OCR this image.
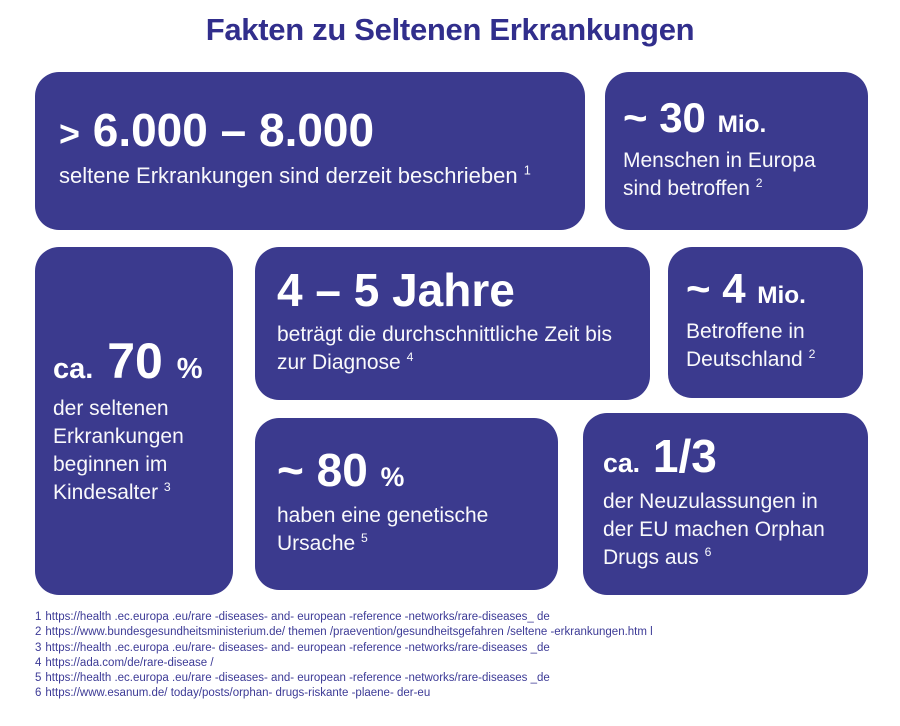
Fakten zu Seltenen Erkrankungen
> 6.000 – 8.000

seltene Erkrankungen sind derzeit beschrieben $^1$

~ 30 Mio.

Menschen in Europa sind betroffen $^2$

ca. 70 %

der seltenen Erkrankungen beginnen im Kindesalter $^3$

4 – 5 Jahre

beträgt die durchschnittliche Zeit bis zur Diagnose $^4$

~ 4 Mio.

Betroffene in Deutschland $^2$

~ 80 %

haben eine genetische Ursache $^5$

ca. 1/3

der Neuzulassungen in der EU machen Orphan Drugs aus $^6$

1 https://health .ec.europa .eu/rare -diseases- and- european -reference -networks/rare-diseases_ de
2 https://www.bundesgesundheitsministerium.de/ themen /praevention/gesundheitsgefahren /seltene -erkrankungen.htm l
3 https://health .ec.europa .eu/rare- diseases- and- european -reference -networks/rare-diseases _de
4 https://ada.com/de/rare-disease /
5 https://health .ec.europa .eu/rare -diseases- and- european -reference -networks/rare-diseases _de
6 https://www.esanum.de/ today/posts/orphan- drugs-riskante -plaene- der-eu
